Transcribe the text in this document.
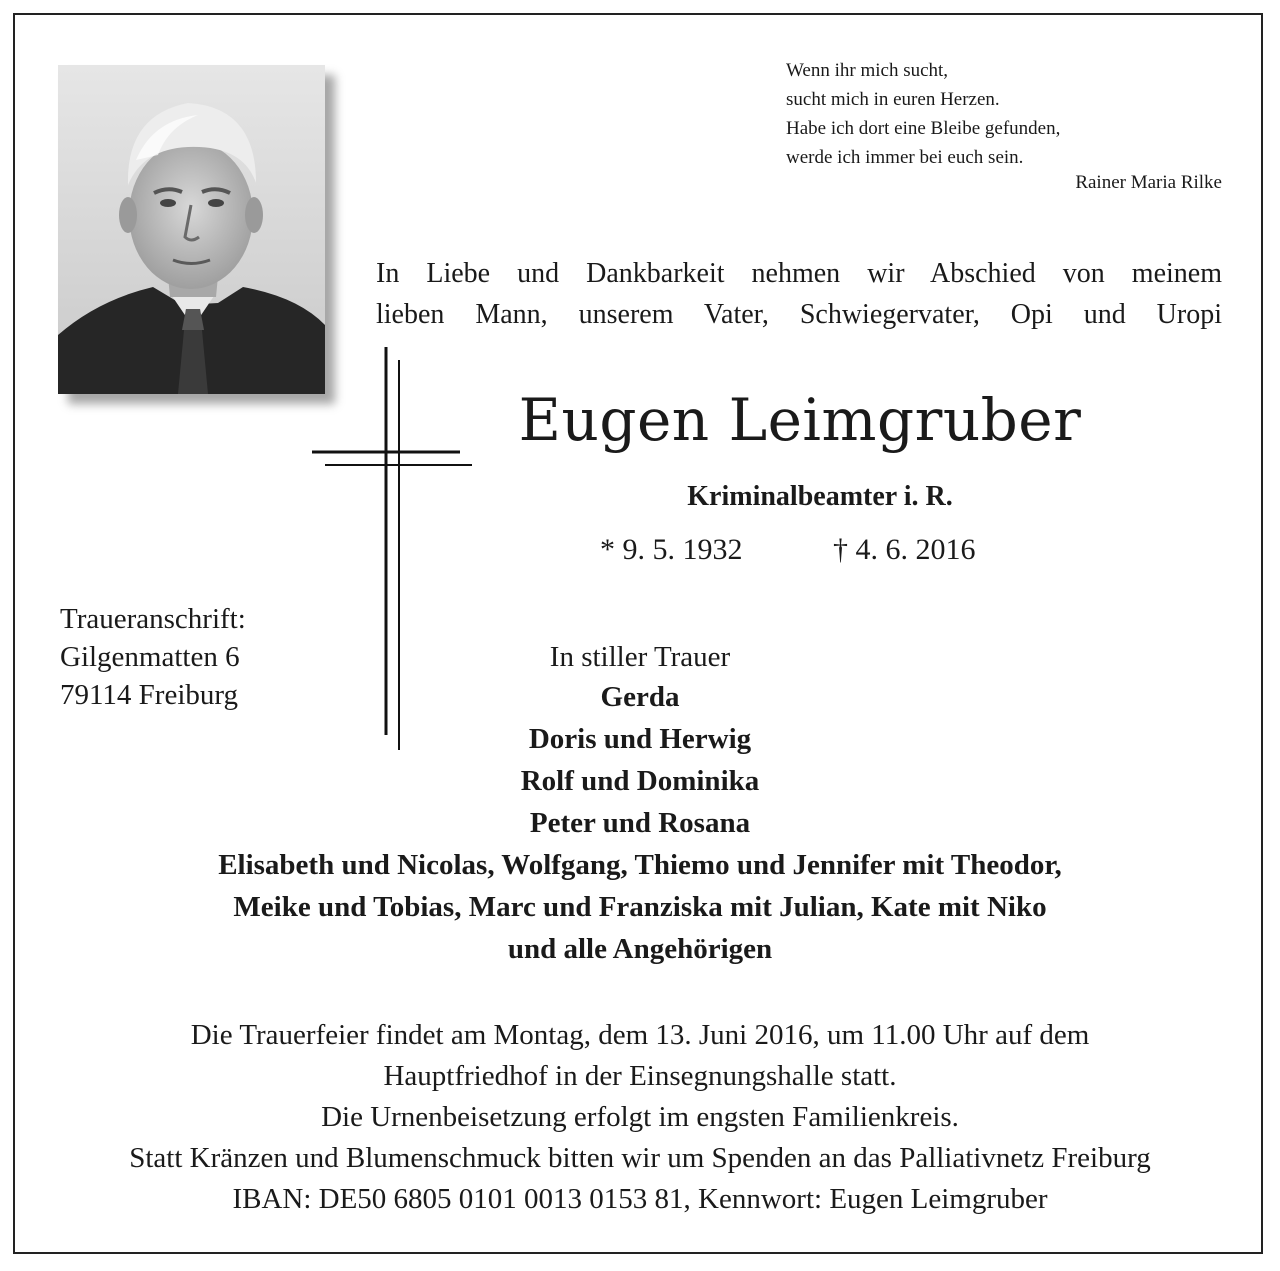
Wenn ihr mich sucht,
sucht mich in euren Herzen.
Habe ich dort eine Bleibe gefunden,
werde ich immer bei euch sein.
Rainer Maria Rilke
In Liebe und Dankbarkeit nehmen wir Abschied von meinem
lieben Mann, unserem Vater, Schwiegervater, Opi und Uropi
Eugen Leimgruber
Kriminalbeamter i. R.
* 9. 5. 1932	† 4. 6. 2016
Traueranschrift:
Gilgenmatten 6
79114 Freiburg
In stiller Trauer
Gerda
Doris und Herwig
Rolf und Dominika
Peter und Rosana
Elisabeth und Nicolas, Wolfgang, Thiemo und Jennifer mit Theodor,
Meike und Tobias, Marc und Franziska mit Julian, Kate mit Niko
und alle Angehörigen
Die Trauerfeier findet am Montag, dem 13. Juni 2016, um 11.00 Uhr auf dem
Hauptfriedhof in der Einsegnungshalle statt.
Die Urnenbeisetzung erfolgt im engsten Familienkreis.
Statt Kränzen und Blumenschmuck bitten wir um Spenden an das Palliativnetz Freiburg
IBAN: DE50 6805 0101 0013 0153 81, Kennwort: Eugen Leimgruber
